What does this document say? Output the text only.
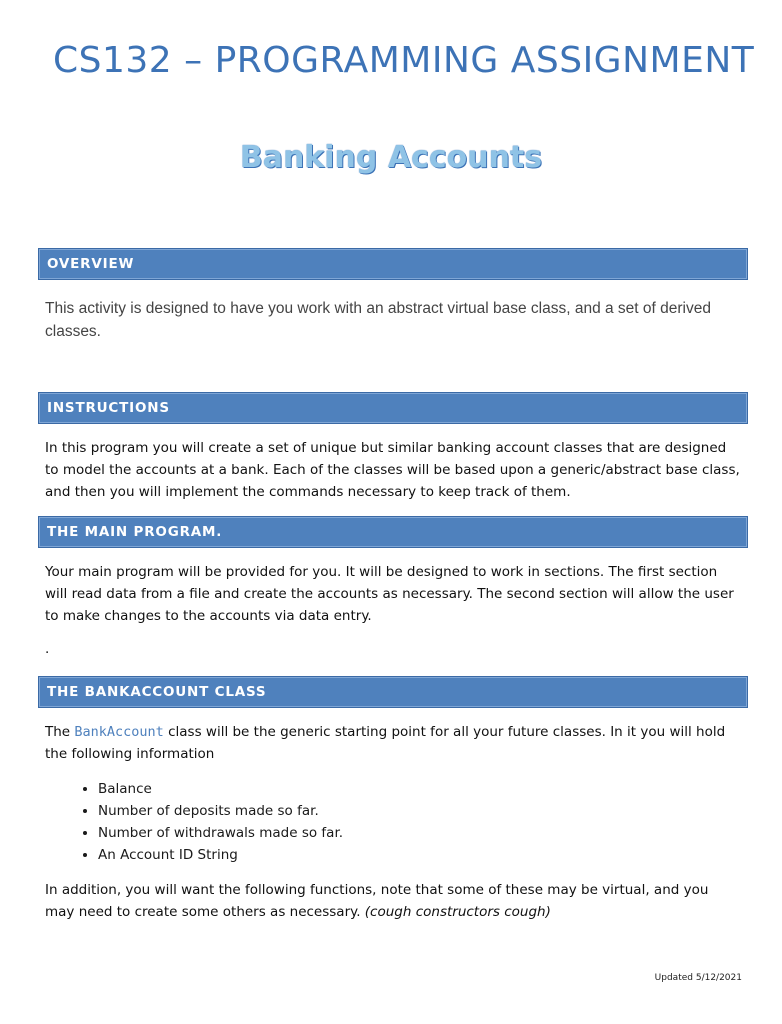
CS132 – PROGRAMMING ASSIGNMENT
Banking Accounts
OVERVIEW
This activity is designed to have you work with an abstract virtual base class, and a set of derived classes.
INSTRUCTIONS
In this program you will create a set of unique but similar banking account classes that are designed to model the accounts at a bank. Each of the classes will be based upon a generic/abstract base class, and then you will implement the commands necessary to keep track of them.
THE MAIN PROGRAM.
Your main program will be provided for you. It will be designed to work in sections. The first section will read data from a file and create the accounts as necessary. The second section will allow the user to make changes to the accounts via data entry.
.
THE BANKACCOUNT CLASS
The BankAccount class will be the generic starting point for all your future classes. In it you will hold the following information
• Balance
• Number of deposits made so far.
• Number of withdrawals made so far.
• An Account ID String
In addition, you will want the following functions, note that some of these may be virtual, and you may need to create some others as necessary. (cough constructors cough)
Updated 5/12/2021
